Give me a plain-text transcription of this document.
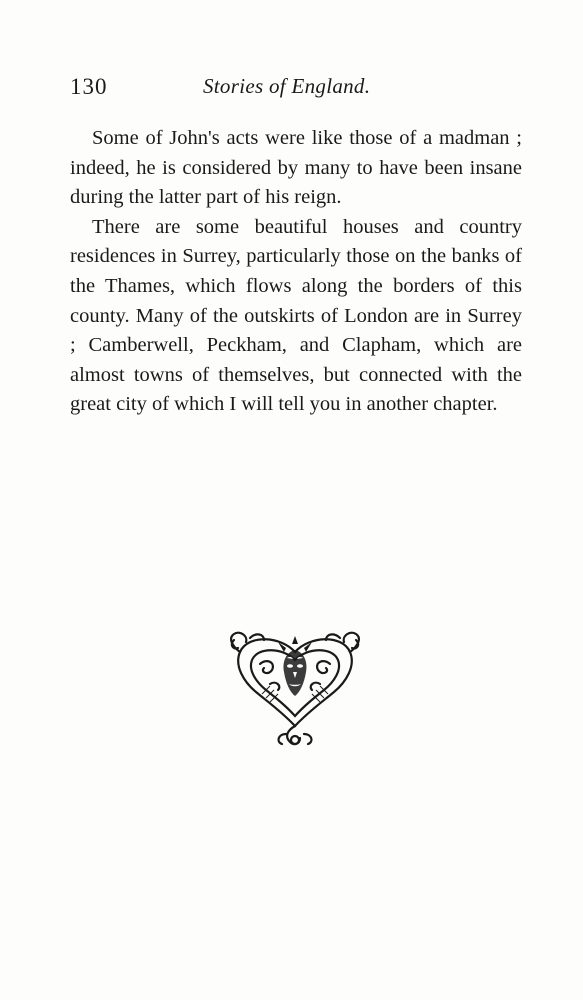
130	Stories of England.

Some of John's acts were like those of a madman ; indeed, he is considered by many to have been insane during the latter part of his reign.

There are some beautiful houses and country residences in Surrey, particularly those on the banks of the Thames, which flows along the borders of this county. Many of the outskirts of London are in Surrey ; Camberwell, Peckham, and Clapham, which are almost towns of themselves, but connected with the great city of which I will tell you in another chapter.
